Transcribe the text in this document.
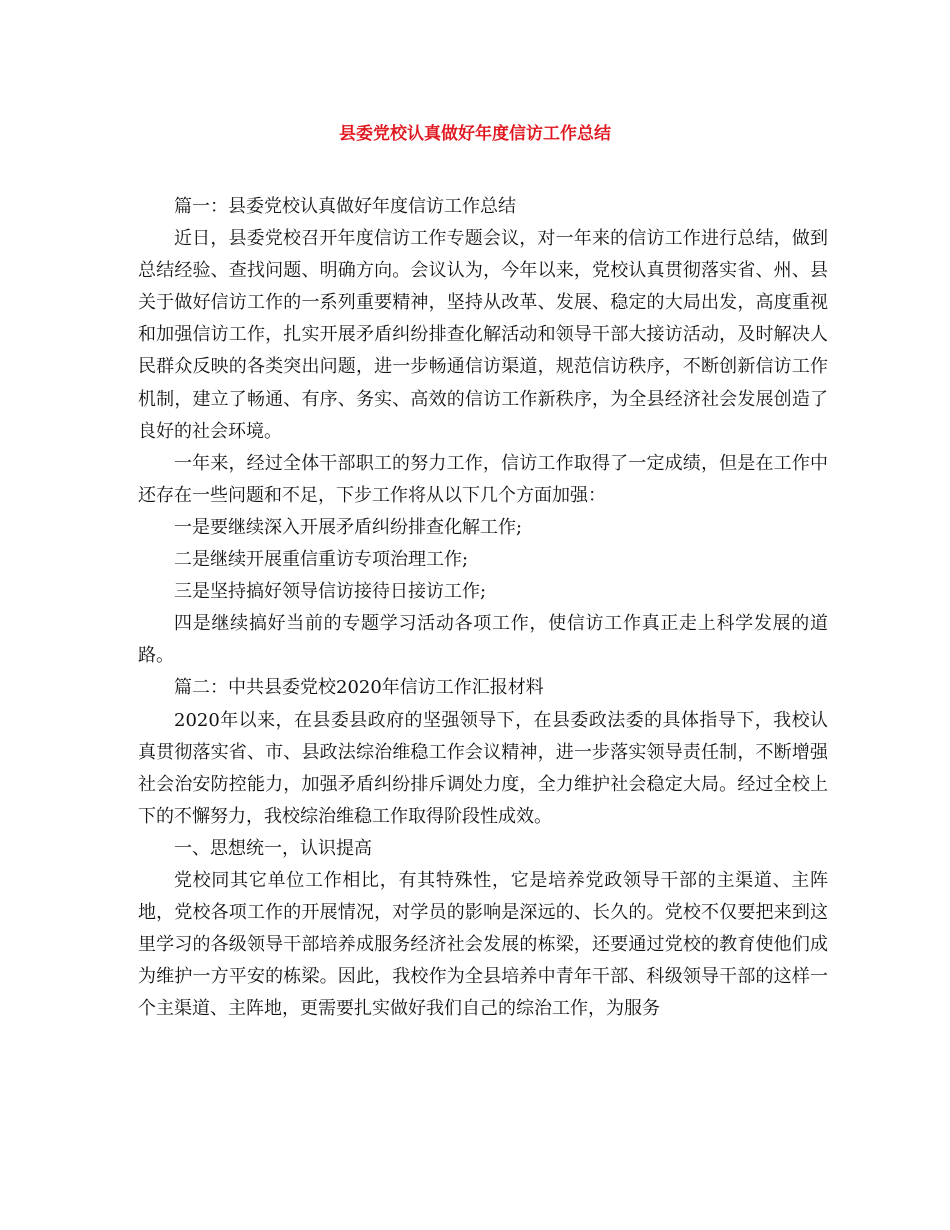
县委党校认真做好年度信访工作总结

篇一：县委党校认真做好年度信访工作总结

近日，县委党校召开年度信访工作专题会议，对一年来的信访工作进行总结，做到总结经验、查找问题、明确方向。会议认为，今年以来，党校认真贯彻落实省、州、县关于做好信访工作的一系列重要精神，坚持从改革、发展、稳定的大局出发，高度重视和加强信访工作，扎实开展矛盾纠纷排查化解活动和领导干部大接访活动，及时解决人民群众反映的各类突出问题，进一步畅通信访渠道，规范信访秩序，不断创新信访工作机制，建立了畅通、有序、务实、高效的信访工作新秩序，为全县经济社会发展创造了良好的社会环境。

一年来，经过全体干部职工的努力工作，信访工作取得了一定成绩，但是在工作中还存在一些问题和不足，下步工作将从以下几个方面加强：

一是要继续深入开展矛盾纠纷排查化解工作;

二是继续开展重信重访专项治理工作;

三是坚持搞好领导信访接待日接访工作;

四是继续搞好当前的专题学习活动各项工作，使信访工作真正走上科学发展的道路。

篇二：中共县委党校2020年信访工作汇报材料

2020年以来，在县委县政府的坚强领导下，在县委政法委的具体指导下，我校认真贯彻落实省、市、县政法综治维稳工作会议精神，进一步落实领导责任制，不断增强社会治安防控能力，加强矛盾纠纷排斥调处力度，全力维护社会稳定大局。经过全校上下的不懈努力，我校综治维稳工作取得阶段性成效。

一、思想统一，认识提高

党校同其它单位工作相比，有其特殊性，它是培养党政领导干部的主渠道、主阵地，党校各项工作的开展情况，对学员的影响是深远的、长久的。党校不仅要把来到这里学习的各级领导干部培养成服务经济社会发展的栋梁，还要通过党校的教育使他们成为维护一方平安的栋梁。因此，我校作为全县培养中青年干部、科级领导干部的这样一个主渠道、主阵地，更需要扎实做好我们自己的综治工作，为服务
